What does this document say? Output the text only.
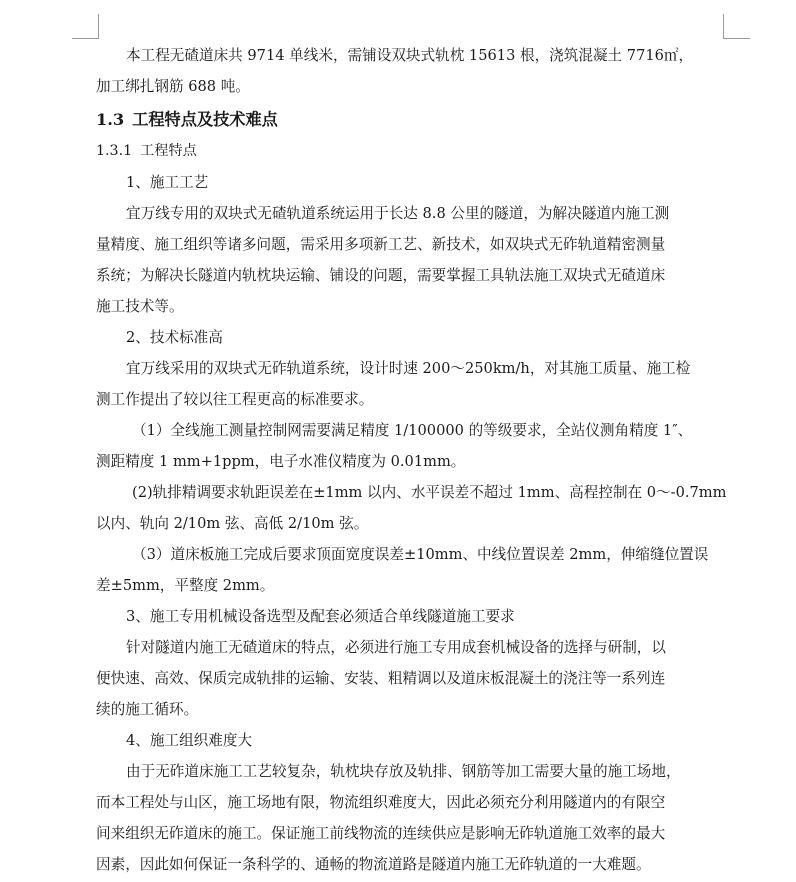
本工程无碴道床共 9714 单线米，需铺设双块式轨枕 15613 根，浇筑混凝土 7716㎡，
加工绑扎钢筋 688 吨。
1.3 工程特点及技术难点
1.3.1 工程特点
1、施工工艺
宜万线专用的双块式无碴轨道系统运用于长达 8.8 公里的隧道，为解决隧道内施工测
量精度、施工组织等诸多问题，需采用多项新工艺、新技术，如双块式无砟轨道精密测量
系统；为解决长隧道内轨枕块运输、铺设的问题，需要掌握工具轨法施工双块式无碴道床
施工技术等。
2、技术标准高
宜万线采用的双块式无砟轨道系统，设计时速 200～250km/h，对其施工质量、施工检
测工作提出了较以往工程更高的标准要求。
（1）全线施工测量控制网需要满足精度 1/100000 的等级要求，全站仪测角精度 1″、
测距精度 1 mm+1ppm，电子水准仪精度为 0.01mm。
(2)轨排精调要求轨距误差在±1mm 以内、水平误差不超过 1mm、高程控制在 0～-0.7mm
以内、轨向 2/10m 弦、高低 2/10m 弦。
（3）道床板施工完成后要求顶面宽度误差±10mm、中线位置误差 2mm，伸缩缝位置误
差±5mm，平整度 2mm。
3、施工专用机械设备选型及配套必须适合单线隧道施工要求
针对隧道内施工无碴道床的特点，必须进行施工专用成套机械设备的选择与研制，以
便快速、高效、保质完成轨排的运输、安装、粗精调以及道床板混凝土的浇注等一系列连
续的施工循环。
4、施工组织难度大
由于无砟道床施工工艺较复杂，轨枕块存放及轨排、钢筋等加工需要大量的施工场地，
而本工程处与山区，施工场地有限，物流组织难度大，因此必须充分利用隧道内的有限空
间来组织无砟道床的施工。保证施工前线物流的连续供应是影响无砟轨道施工效率的最大
因素，因此如何保证一条科学的、通畅的物流道路是隧道内施工无砟轨道的一大难题。
